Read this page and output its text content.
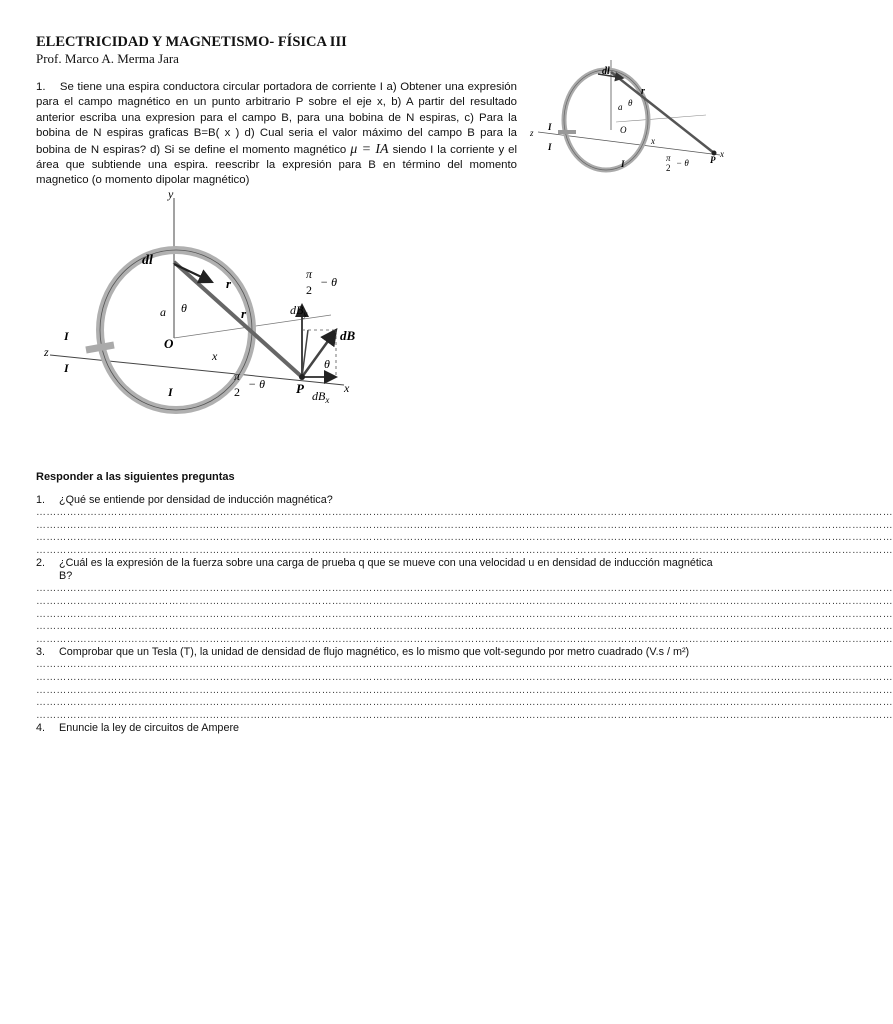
ELECTRICIDAD Y MAGNETISMO- FÍSICA III
Prof. Marco A. Merma Jara
1. Se tiene una espira conductora circular portadora de corriente I a) Obtener una expresión para el campo magnético en un punto arbitrario P sobre el eje x, b) A partir del resultado anterior escriba una expresion para el campo B, para una bobina de N espiras, c) Para la bobina de N espiras graficas B=B( x ) d) Cual seria el valor máximo del campo B para la bobina de N espiras? d) Si se define el momento magnético μ = IA siendo I la corriente y el área que subtiende una espira. reescribr la expresión para B en término del momento magnetico (o momento dipolar magnético)
dl
r
a θ
O
x
π
2 − θ P
x
z
I
I
I
y
dl
r
θ
a	r
O
x
z
I
I
I
π
2
− θ
$dB_y$
dB
θ
π
2
− θ P	x
$dB_x$
Responder a las siguientes preguntas
1.	¿Qué se entiende por densidad de inducción magnética?
………………………………………………………………………………………………………………………………………………………………………………………………………………………………
………………………………………………………………………………………………………………………………………………………………………………………………………………………………
………………………………………………………………………………………………………………………………………………………………………………………………………………………………
………………………………………………………………………………………………………………………………………………………………………………………………………………………………
2.	¿Cuál es la expresión de la fuerza sobre una carga de prueba q que se mueve con una velocidad u en densidad de inducción magnética B?
………………………………………………………………………………………………………………………………………………………………………………………………………………………………
………………………………………………………………………………………………………………………………………………………………………………………………………………………………
………………………………………………………………………………………………………………………………………………………………………………………………………………………………
………………………………………………………………………………………………………………………………………………………………………………………………………………………………
………………………………………………………………………………………………………………………………………………………………………………………………………………………………
3.	Comprobar que un Tesla (T), la unidad de densidad de flujo magnético, es lo mismo que volt-segundo por metro cuadrado (V.s / m²)
………………………………………………………………………………………………………………………………………………………………………………………………………………………………
………………………………………………………………………………………………………………………………………………………………………………………………………………………………
………………………………………………………………………………………………………………………………………………………………………………………………………………………………
………………………………………………………………………………………………………………………………………………………………………………………………………………………………
………………………………………………………………………………………………………………………………………………………………………………………………………………………………
4.	Enuncie la ley de circuitos de Ampere
